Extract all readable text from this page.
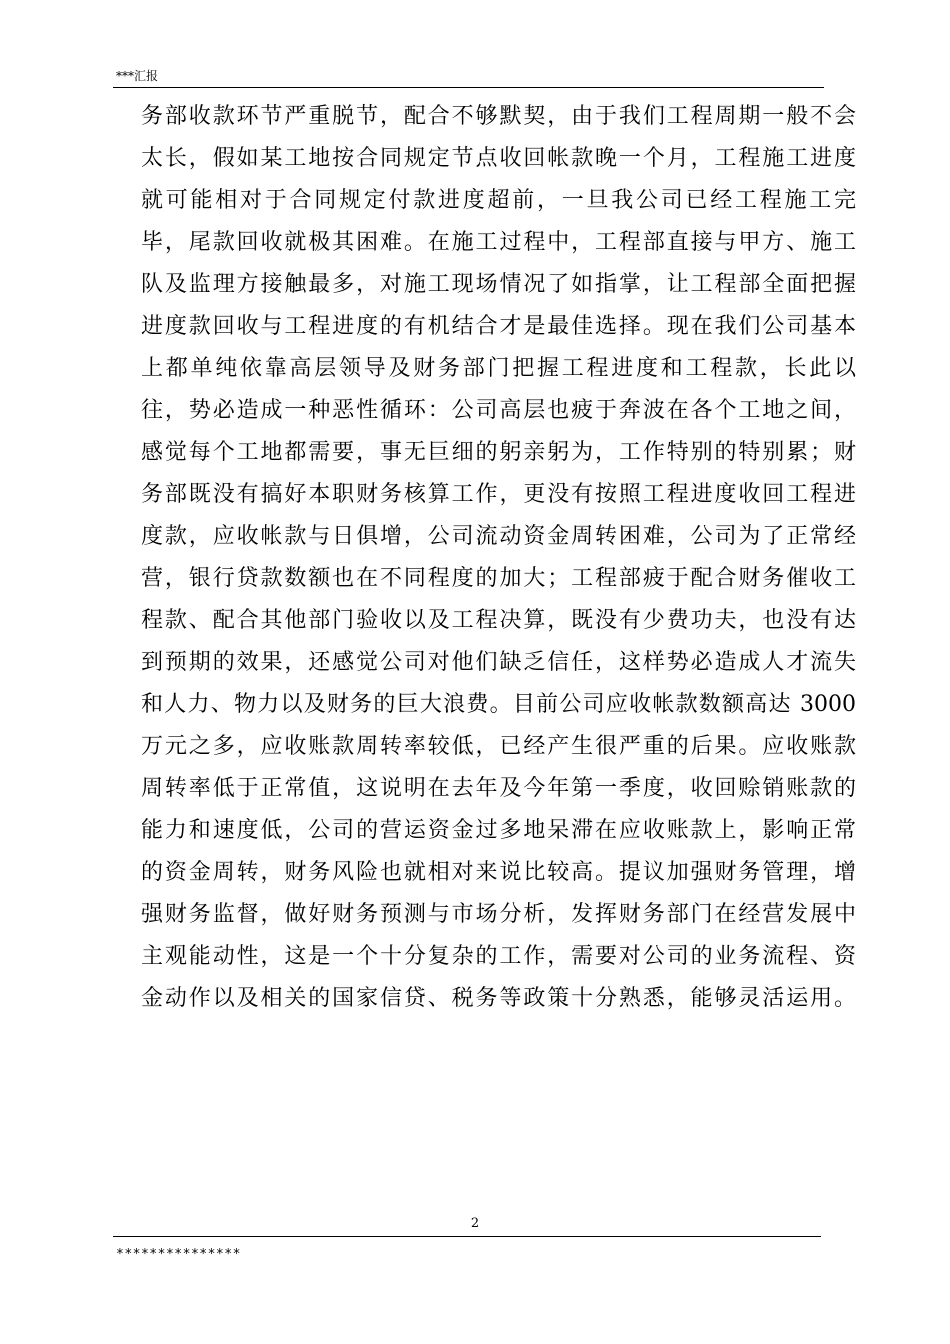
***汇报
务部收款环节严重脱节，配合不够默契，由于我们工程周期一般不会
太长，假如某工地按合同规定节点收回帐款晚一个月，工程施工进度
就可能相对于合同规定付款进度超前，一旦我公司已经工程施工完
毕，尾款回收就极其困难。在施工过程中，工程部直接与甲方、施工
队及监理方接触最多，对施工现场情况了如指掌，让工程部全面把握
进度款回收与工程进度的有机结合才是最佳选择。现在我们公司基本
上都单纯依靠高层领导及财务部门把握工程进度和工程款，长此以
往，势必造成一种恶性循环：公司高层也疲于奔波在各个工地之间，
感觉每个工地都需要，事无巨细的躬亲躬为，工作特别的特别累；财
务部既没有搞好本职财务核算工作，更没有按照工程进度收回工程进
度款，应收帐款与日俱增，公司流动资金周转困难，公司为了正常经
营，银行贷款数额也在不同程度的加大；工程部疲于配合财务催收工
程款、配合其他部门验收以及工程决算，既没有少费功夫，也没有达
到预期的效果，还感觉公司对他们缺乏信任，这样势必造成人才流失
和人力、物力以及财务的巨大浪费。目前公司应收帐款数额高达 3000
万元之多，应收账款周转率较低，已经产生很严重的后果。应收账款
周转率低于正常值，这说明在去年及今年第一季度，收回赊销账款的
能力和速度低，公司的营运资金过多地呆滞在应收账款上，影响正常
的资金周转，财务风险也就相对来说比较高。提议加强财务管理，增
强财务监督，做好财务预测与市场分析，发挥财务部门在经营发展中
主观能动性，这是一个十分复杂的工作，需要对公司的业务流程、资
金动作以及相关的国家信贷、税务等政策十分熟悉，能够灵活运用。
2
***************
